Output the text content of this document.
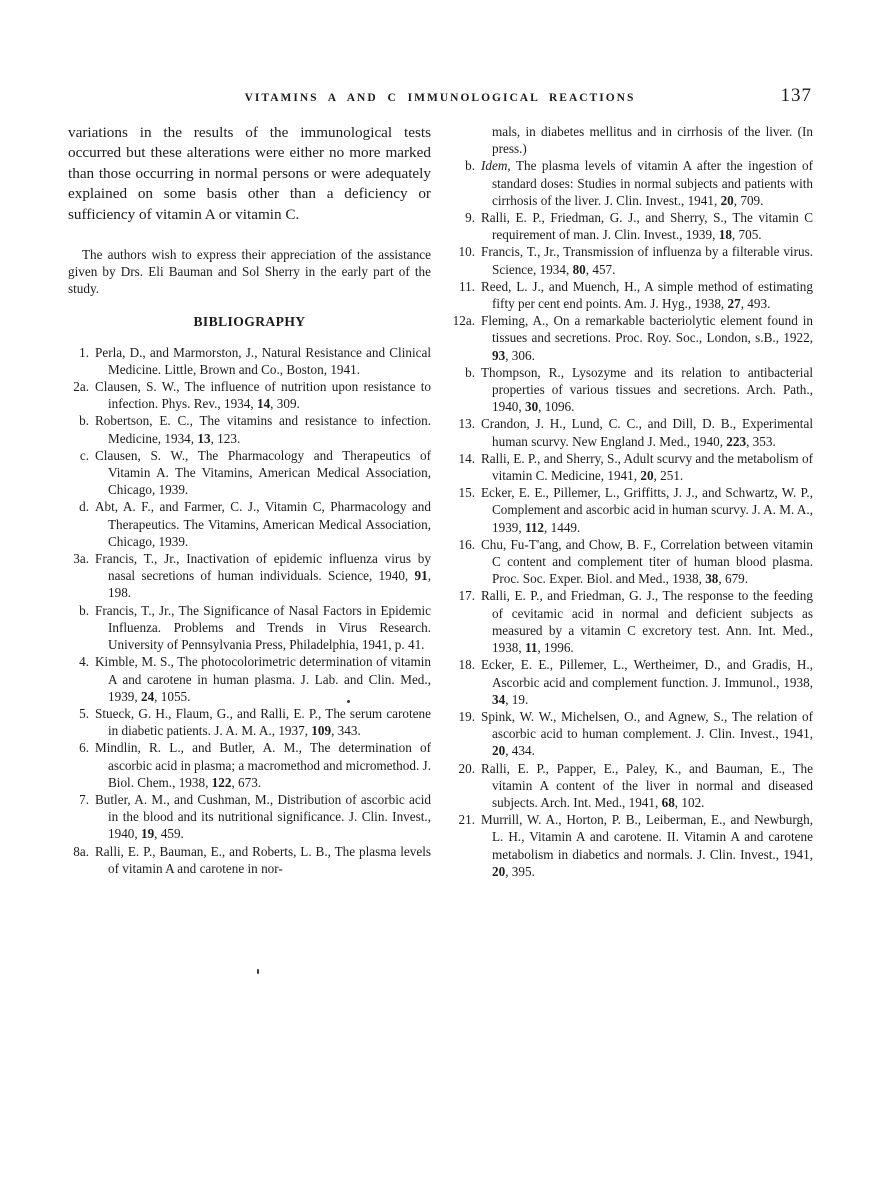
VITAMINS A AND C IMMUNOLOGICAL REACTIONS	137

variations in the results of the immunological tests occurred but these alterations were either no more marked than those occurring in normal persons or were adequately explained on some basis other than a deficiency or sufficiency of vitamin A or vitamin C.

The authors wish to express their appreciation of the assistance given by Drs. Eli Bauman and Sol Sherry in the early part of the study.

BIBLIOGRAPHY

1. Perla, D., and Marmorston, J., Natural Resistance and Clinical Medicine. Little, Brown and Co., Boston, 1941.

2a. Clausen, S. W., The influence of nutrition upon resistance to infection. Phys. Rev., 1934, 14, 309.

b. Robertson, E. C., The vitamins and resistance to infection. Medicine, 1934, 13, 123.

c. Clausen, S. W., The Pharmacology and Therapeutics of Vitamin A. The Vitamins, American Medical Association, Chicago, 1939.

d. Abt, A. F., and Farmer, C. J., Vitamin C, Pharmacology and Therapeutics. The Vitamins, American Medical Association, Chicago, 1939.

3a. Francis, T., Jr., Inactivation of epidemic influenza virus by nasal secretions of human individuals. Science, 1940, 91, 198.

b. Francis, T., Jr., The Significance of Nasal Factors in Epidemic Influenza. Problems and Trends in Virus Research. University of Pennsylvania Press, Philadelphia, 1941, p. 41.

4. Kimble, M. S., The photocolorimetric determination of vitamin A and carotene in human plasma. J. Lab. and Clin. Med., 1939, 24, 1055.

5. Stueck, G. H., Flaum, G., and Ralli, E. P., The serum carotene in diabetic patients. J. A. M. A., 1937, 109, 343.

6. Mindlin, R. L., and Butler, A. M., The determination of ascorbic acid in plasma; a macromethod and micromethod. J. Biol. Chem., 1938, 122, 673.

7. Butler, A. M., and Cushman, M., Distribution of ascorbic acid in the blood and its nutritional significance. J. Clin. Invest., 1940, 19, 459.

8a. Ralli, E. P., Bauman, E., and Roberts, L. B., The plasma levels of vitamin A and carotene in nor-

mals, in diabetes mellitus and in cirrhosis of the liver. (In press.)

b. Idem, The plasma levels of vitamin A after the ingestion of standard doses: Studies in normal subjects and patients with cirrhosis of the liver. J. Clin. Invest., 1941, 20, 709.

9. Ralli, E. P., Friedman, G. J., and Sherry, S., The vitamin C requirement of man. J. Clin. Invest., 1939, 18, 705.

10. Francis, T., Jr., Transmission of influenza by a filterable virus. Science, 1934, 80, 457.

11. Reed, L. J., and Muench, H., A simple method of estimating fifty per cent end points. Am. J. Hyg., 1938, 27, 493.

12a. Fleming, A., On a remarkable bacteriolytic element found in tissues and secretions. Proc. Roy. Soc., London, s.B., 1922, 93, 306.

b. Thompson, R., Lysozyme and its relation to antibacterial properties of various tissues and secretions. Arch. Path., 1940, 30, 1096.

13. Crandon, J. H., Lund, C. C., and Dill, D. B., Experimental human scurvy. New England J. Med., 1940, 223, 353.

14. Ralli, E. P., and Sherry, S., Adult scurvy and the metabolism of vitamin C. Medicine, 1941, 20, 251.

15. Ecker, E. E., Pillemer, L., Griffitts, J. J., and Schwartz, W. P., Complement and ascorbic acid in human scurvy. J. A. M. A., 1939, 112, 1449.

16. Chu, Fu-T'ang, and Chow, B. F., Correlation between vitamin C content and complement titer of human blood plasma. Proc. Soc. Exper. Biol. and Med., 1938, 38, 679.

17. Ralli, E. P., and Friedman, G. J., The response to the feeding of cevitamic acid in normal and deficient subjects as measured by a vitamin C excretory test. Ann. Int. Med., 1938, 11, 1996.

18. Ecker, E. E., Pillemer, L., Wertheimer, D., and Gradis, H., Ascorbic acid and complement function. J. Immunol., 1938, 34, 19.

19. Spink, W. W., Michelsen, O., and Agnew, S., The relation of ascorbic acid to human complement. J. Clin. Invest., 1941, 20, 434.

20. Ralli, E. P., Papper, E., Paley, K., and Bauman, E., The vitamin A content of the liver in normal and diseased subjects. Arch. Int. Med., 1941, 68, 102.

21. Murrill, W. A., Horton, P. B., Leiberman, E., and Newburgh, L. H., Vitamin A and carotene. II. Vitamin A and carotene metabolism in diabetics and normals. J. Clin. Invest., 1941, 20, 395.
